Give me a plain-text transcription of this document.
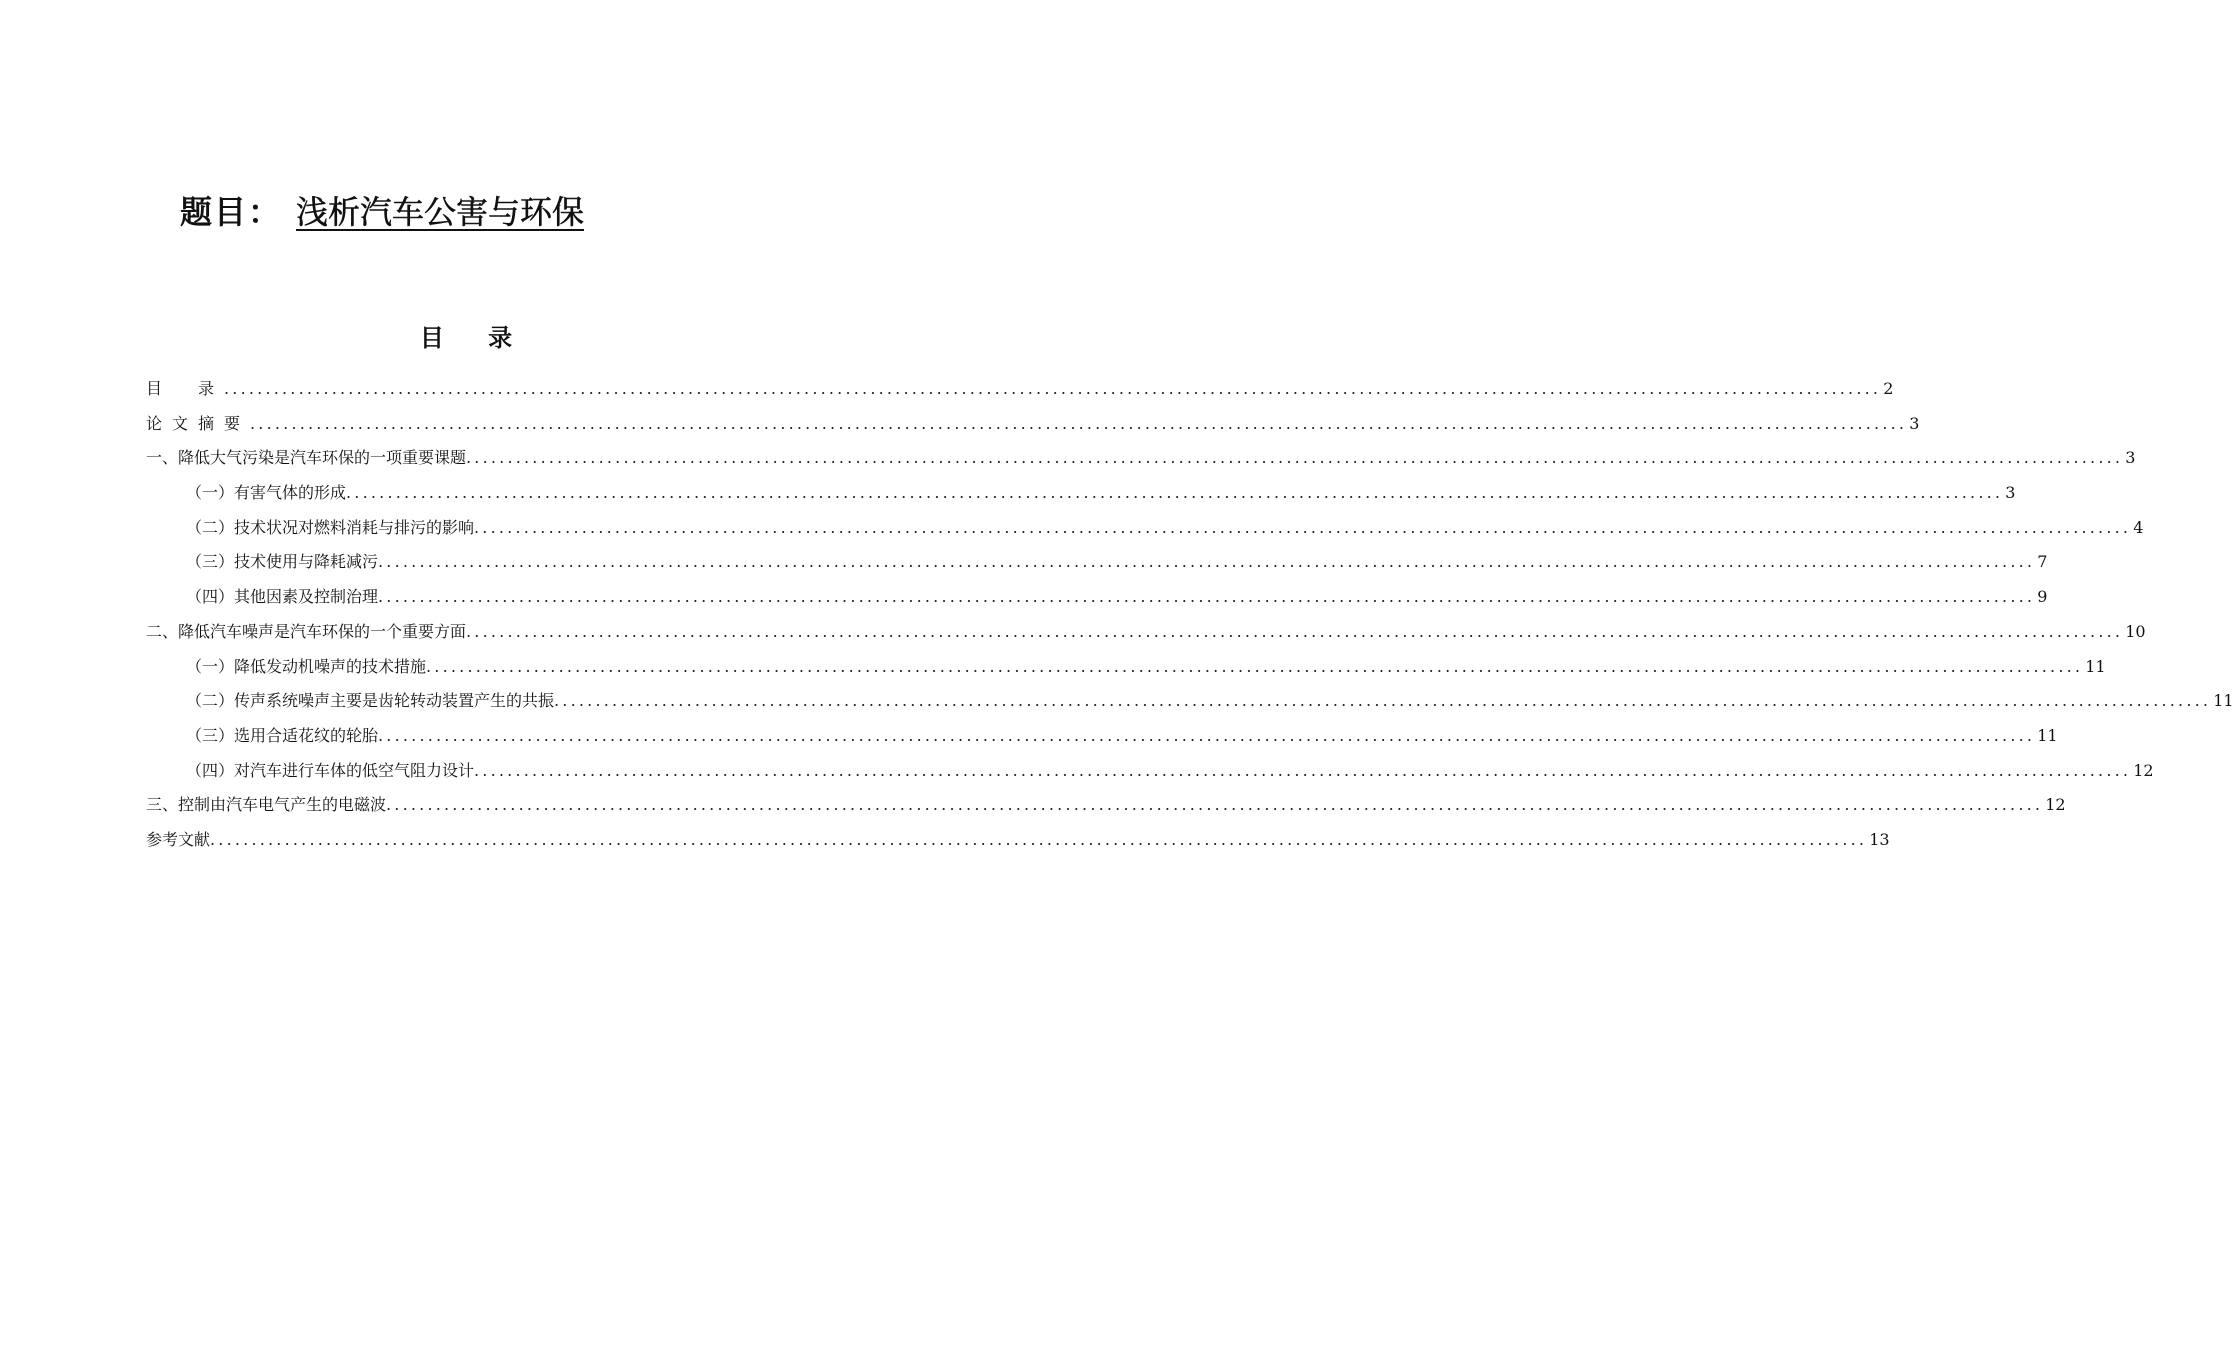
题目： 浅析汽车公害与环保
目 录
目　录 ........................................................................................................................................................................................................ 2
论文摘要 ........................................................................................................................................................................................................ 3
一、降低大气污染是汽车环保的一项重要课题 ........................................................................................................................................................................................................ 3
（一）有害气体的形成 ........................................................................................................................................................................................................ 3
（二）技术状况对燃料消耗与排污的影响 ........................................................................................................................................................................................................ 4
（三）技术使用与降耗减污 ........................................................................................................................................................................................................ 7
（四）其他因素及控制治理 ........................................................................................................................................................................................................ 9
二、降低汽车噪声是汽车环保的一个重要方面 ........................................................................................................................................................................................................ 10
（一）降低发动机噪声的技术措施 ........................................................................................................................................................................................................ 11
（二）传声系统噪声主要是齿轮转动装置产生的共振 ........................................................................................................................................................................................................ 11
（三）选用合适花纹的轮胎 ........................................................................................................................................................................................................ 11
（四）对汽车进行车体的低空气阻力设计 ........................................................................................................................................................................................................ 12
三、控制由汽车电气产生的电磁波 ........................................................................................................................................................................................................ 12
参考文献 ........................................................................................................................................................................................................ 13
